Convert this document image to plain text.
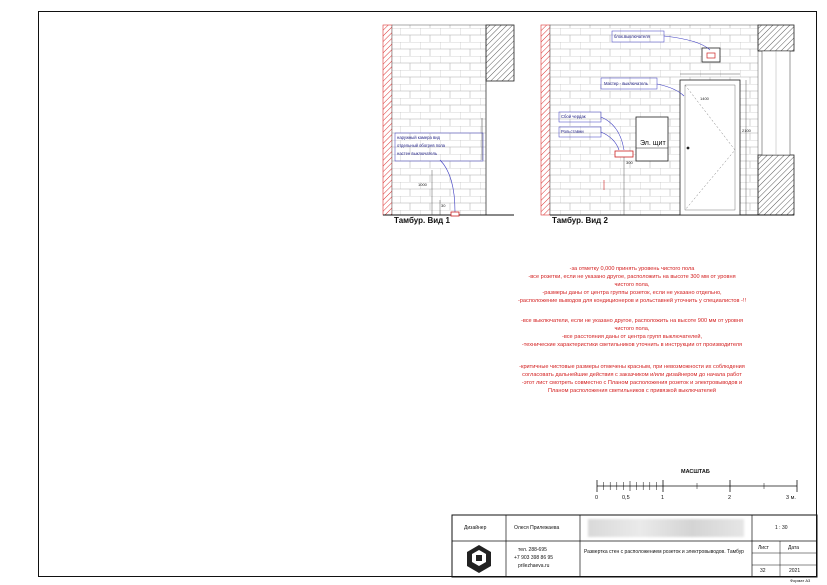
Тамбур. Вид 1	Тамбур. Вид 2
наружный камера вид
отдельный обогрев пола
настен выключатель
1000
30
блок.выключателя
Мастер - выключатель
Сбой чердак
Рольставни
Эл. щит
2100
1400
300
-за отметку 0,000 принять уровень чистого пола
-все розетки, если не указано другое, расположить на высоте 300 мм от уровня
чистого пола,
-размеры даны от центра группы розеток, если не указано отдельно,
-расположение выводов для кондиционеров и рольставней уточнить у специалистов -!!
-все выключатели, если не указано другое, расположить на высоте 900 мм от уровня
чистого пола,
-все расстояния даны от центра групп выключателей,
-технические характеристики светильников уточнить в инструкции от производителя
-критичные чистовые размеры отмечены красным, при невозможности их соблюдения
согласовать дальнейшие действия с заказчиком и/или дизайнером до начала работ
-этот лист смотреть совместно с Планом расположения розеток и электровыводов и
Планом расположения светильников с привязкой выключателей
МАСШТАБ
0	0,5	1	2	3 м.
Дизайнер	Олеся Прилежаева	1 : 30
тел. 288-695
+7 903 398 86 95
prilezhaeva.ru
Развертка стен с расположением розеток и электровыводов. Тамбур
Лист	Дата
32	2021
Формат А3
